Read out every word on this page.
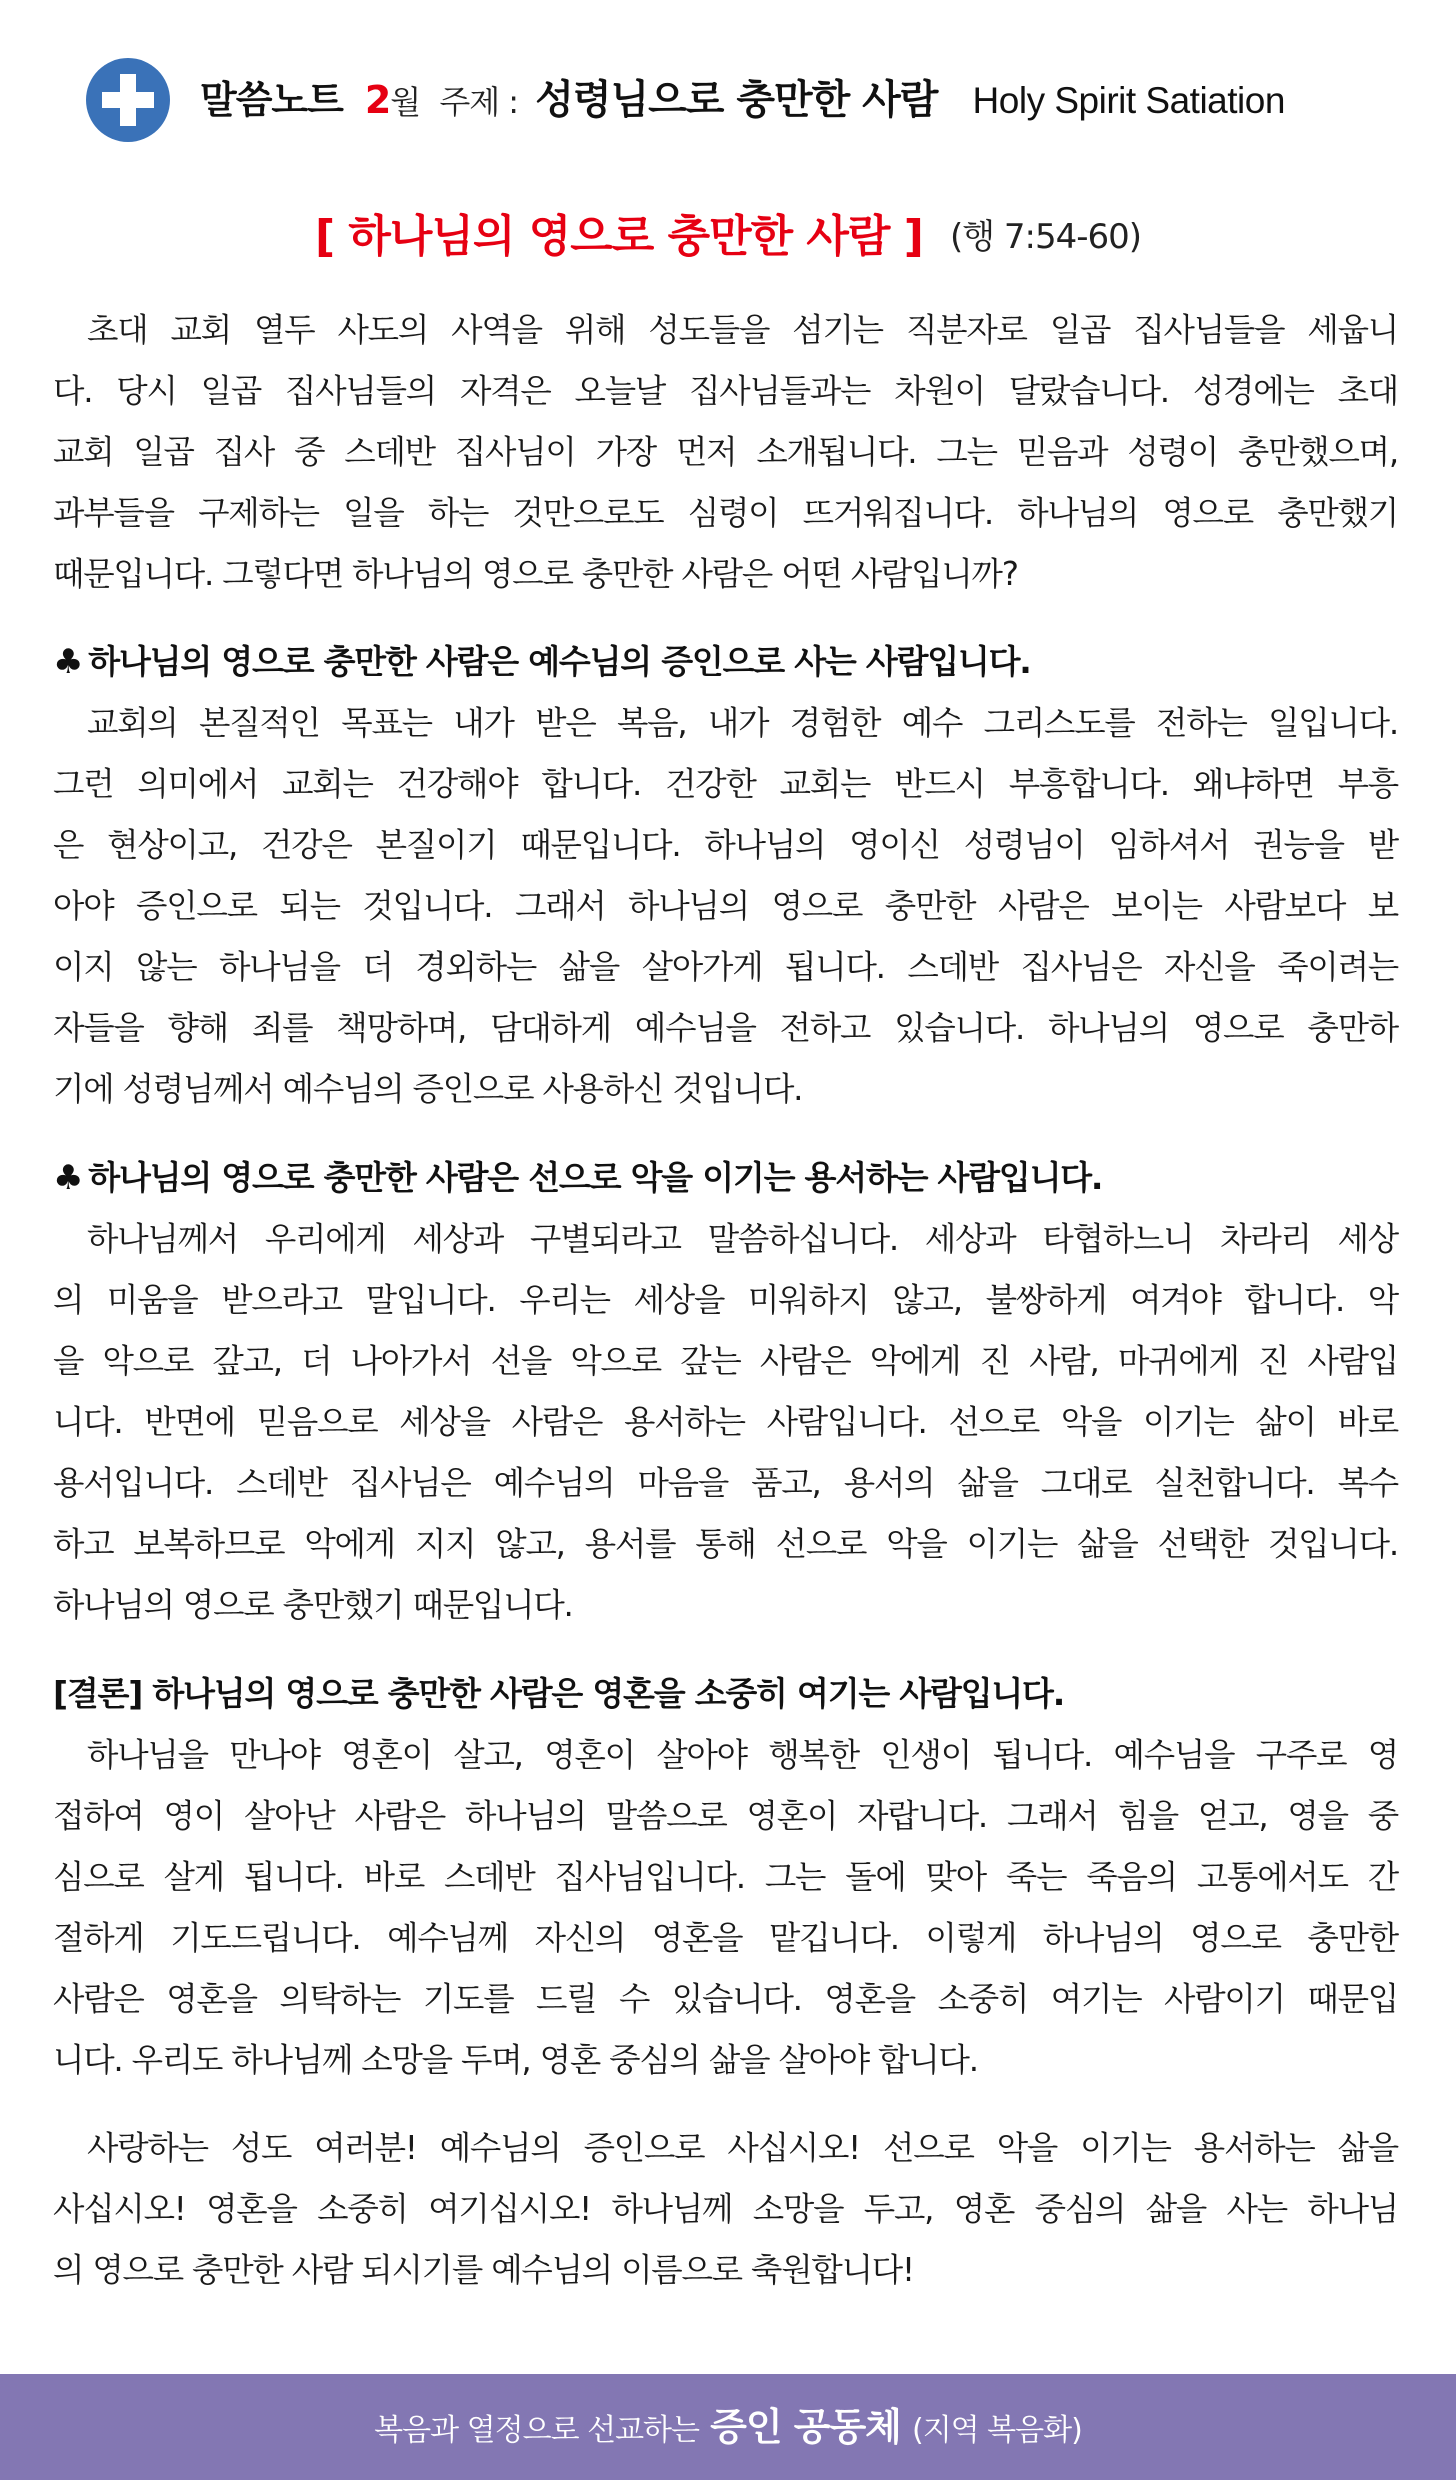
말씀노트 2월 주제 : 성령님으로 충만한 사람 Holy Spirit Satiation
[ 하나님의 영으로 충만한 사람 ] (행 7:54-60)
초대 교회 열두 사도의 사역을 위해 성도들을 섬기는 직분자로 일곱 집사님들을 세웁니
다. 당시 일곱 집사님들의 자격은 오늘날 집사님들과는 차원이 달랐습니다. 성경에는 초대
교회 일곱 집사 중 스데반 집사님이 가장 먼저 소개됩니다. 그는 믿음과 성령이 충만했으며,
과부들을 구제하는 일을 하는 것만으로도 심령이 뜨거워집니다. 하나님의 영으로 충만했기
때문입니다. 그렇다면 하나님의 영으로 충만한 사람은 어떤 사람입니까?
♣ 하나님의 영으로 충만한 사람은 예수님의 증인으로 사는 사람입니다.
교회의 본질적인 목표는 내가 받은 복음, 내가 경험한 예수 그리스도를 전하는 일입니다.
그런 의미에서 교회는 건강해야 합니다. 건강한 교회는 반드시 부흥합니다. 왜냐하면 부흥
은 현상이고, 건강은 본질이기 때문입니다. 하나님의 영이신 성령님이 임하셔서 권능을 받
아야 증인으로 되는 것입니다. 그래서 하나님의 영으로 충만한 사람은 보이는 사람보다 보
이지 않는 하나님을 더 경외하는 삶을 살아가게 됩니다. 스데반 집사님은 자신을 죽이려는
자들을 향해 죄를 책망하며, 담대하게 예수님을 전하고 있습니다. 하나님의 영으로 충만하
기에 성령님께서 예수님의 증인으로 사용하신 것입니다.
♣ 하나님의 영으로 충만한 사람은 선으로 악을 이기는 용서하는 사람입니다.
하나님께서 우리에게 세상과 구별되라고 말씀하십니다. 세상과 타협하느니 차라리 세상
의 미움을 받으라고 말입니다. 우리는 세상을 미워하지 않고, 불쌍하게 여겨야 합니다. 악
을 악으로 갚고, 더 나아가서 선을 악으로 갚는 사람은 악에게 진 사람, 마귀에게 진 사람입
니다. 반면에 믿음으로 세상을 사람은 용서하는 사람입니다. 선으로 악을 이기는 삶이 바로
용서입니다. 스데반 집사님은 예수님의 마음을 품고, 용서의 삶을 그대로 실천합니다. 복수
하고 보복하므로 악에게 지지 않고, 용서를 통해 선으로 악을 이기는 삶을 선택한 것입니다.
하나님의 영으로 충만했기 때문입니다.
[결론] 하나님의 영으로 충만한 사람은 영혼을 소중히 여기는 사람입니다.
하나님을 만나야 영혼이 살고, 영혼이 살아야 행복한 인생이 됩니다. 예수님을 구주로 영
접하여 영이 살아난 사람은 하나님의 말씀으로 영혼이 자랍니다. 그래서 힘을 얻고, 영을 중
심으로 살게 됩니다. 바로 스데반 집사님입니다. 그는 돌에 맞아 죽는 죽음의 고통에서도 간
절하게 기도드립니다. 예수님께 자신의 영혼을 맡깁니다. 이렇게 하나님의 영으로 충만한
사람은 영혼을 의탁하는 기도를 드릴 수 있습니다. 영혼을 소중히 여기는 사람이기 때문입
니다. 우리도 하나님께 소망을 두며, 영혼 중심의 삶을 살아야 합니다.
사랑하는 성도 여러분! 예수님의 증인으로 사십시오! 선으로 악을 이기는 용서하는 삶을
사십시오! 영혼을 소중히 여기십시오! 하나님께 소망을 두고, 영혼 중심의 삶을 사는 하나님
의 영으로 충만한 사람 되시기를 예수님의 이름으로 축원합니다!
복음과 열정으로 선교하는 증인 공동체 (지역 복음화)
